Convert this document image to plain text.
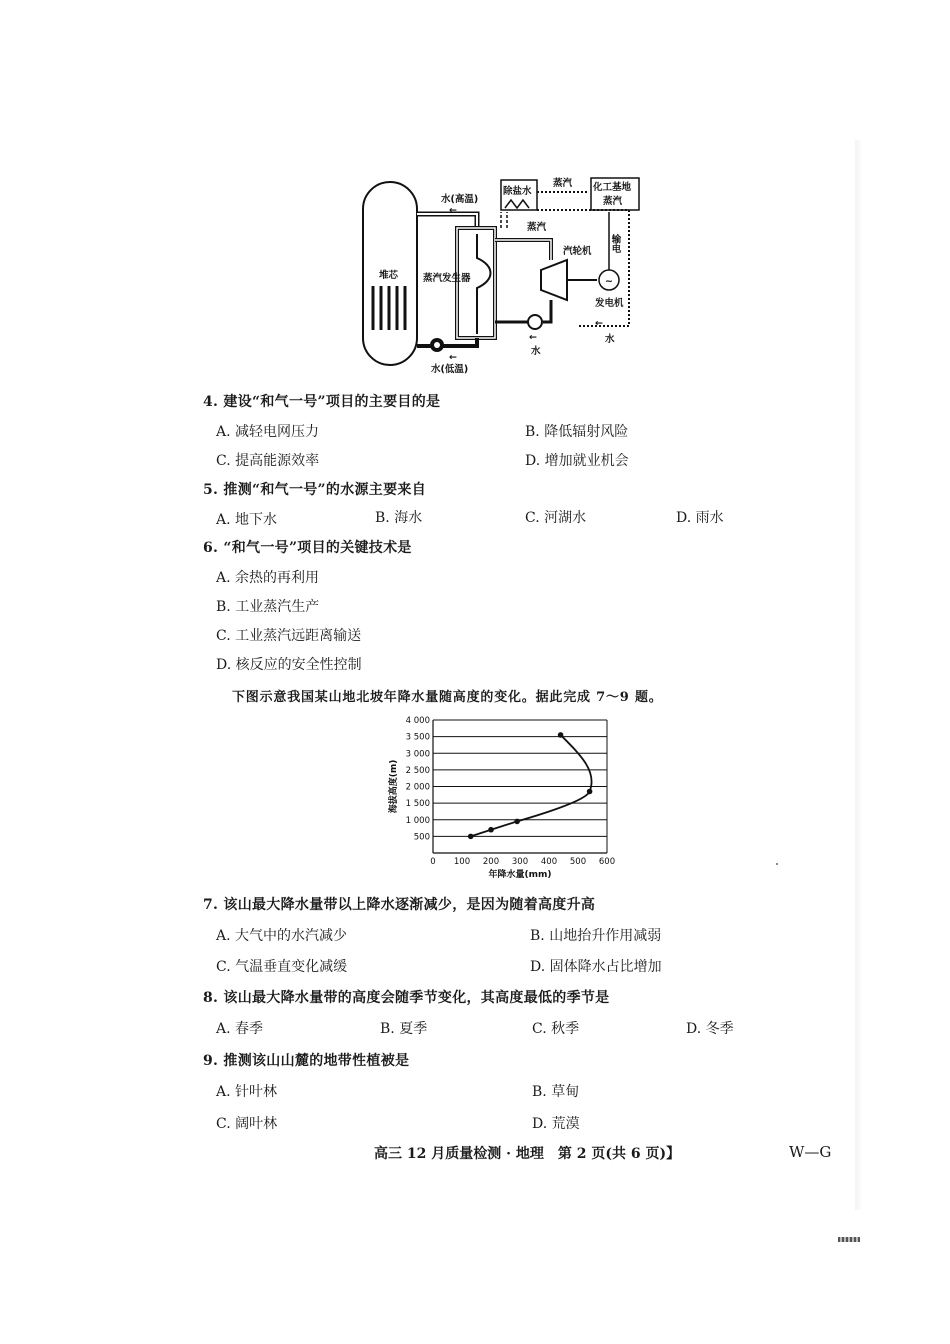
堆芯
水(高温)
←
蒸汽发生器
←
水(低温)
除盐水
蒸汽 化工基地
蒸汽
蒸汽
汽轮机
~
输电
发电机
←
水
←
水
4. 建设“和气一号”项目的主要目的是
A. 减轻电网压力	B. 降低辐射风险
C. 提高能源效率	D. 增加就业机会
5. 推测“和气一号”的水源主要来自
A. 地下水	B. 海水	C. 河湖水	D. 雨水
6. “和气一号”项目的关键技术是
A. 余热的再利用
B. 工业蒸汽生产
C. 工业蒸汽远距离输送
D. 核反应的安全性控制
下图示意我国某山地北坡年降水量随高度的变化。据此完成 7～9 题。
500
1 000
1 500
2 000
2 500
3 000
3 500
4 000
0 100 200 300 400 500 600
年降水量(mm)
海拔高度(m)
7. 该山最大降水量带以上降水逐渐减少，是因为随着高度升高
A. 大气中的水汽减少	B. 山地抬升作用减弱
C. 气温垂直变化减缓	D. 固体降水占比增加
8. 该山最大降水量带的高度会随季节变化，其高度最低的季节是
A. 春季	B. 夏季	C. 秋季	D. 冬季
9. 推测该山山麓的地带性植被是
A. 针叶林	B. 草甸
C. 阔叶林	D. 荒漠
高三 12 月质量检测 · 地理　第 2 页(共 6 页)】	W—G
